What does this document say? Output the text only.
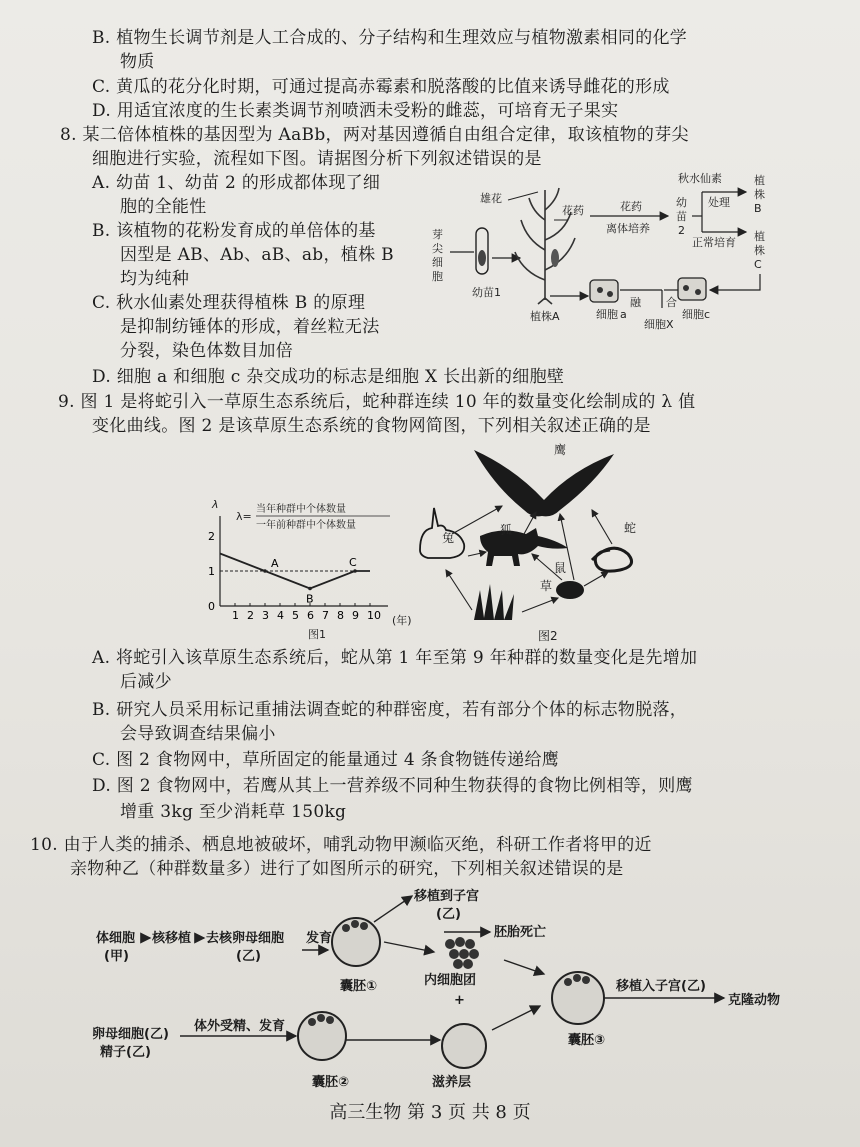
B. 植物生长调节剂是人工合成的、分子结构和生理效应与植物激素相同的化学
物质
C. 黄瓜的花分化时期，可通过提高赤霉素和脱落酸的比值来诱导雌花的形成
D. 用适宜浓度的生长素类调节剂喷洒未受粉的雌蕊，可培育无子果实
8. 某二倍体植株的基因型为 AaBb，两对基因遵循自由组合定律，取该植物的芽尖
细胞进行实验，流程如下图。请据图分析下列叙述错误的是
A. 幼苗 1、幼苗 2 的形成都体现了细
胞的全能性
B. 该植物的花粉发育成的单倍体的基
因型是 AB、Ab、aB、ab，植株 B
均为纯种
C. 秋水仙素处理获得植株 B 的原理
是抑制纺锤体的形成，着丝粒无法
分裂，染色体数目加倍
D. 细胞 a 和细胞 c 杂交成功的标志是细胞 X 长出新的细胞壁
芽
尖
细
胞
幼苗1
雄花
植株A
花药	花药
离体培养
幼
苗
2
秋水仙素
处理
正常培育
植
株
B
植
株
C
细胞 a
融 合
细胞X
细胞c
9. 图 1 是将蛇引入一草原生态系统后，蛇种群连续 10 年的数量变化绘制成的 λ 值
变化曲线。图 2 是该草原生态系统的食物网简图，下列相关叙述正确的是
λ
λ=
当年种群中个体数量
一年前种群中个体数量
(年)
图1
2
1
0
1 2 3 4 5 6 7 8 9 10
A
B
C
鹰
兔
狐	蛇
鼠
草
图2
A. 将蛇引入该草原生态系统后，蛇从第 1 年至第 9 年种群的数量变化是先增加
后减少
B. 研究人员采用标记重捕法调查蛇的种群密度，若有部分个体的标志物脱落，
会导致调查结果偏小
C. 图 2 食物网中，草所固定的能量通过 4 条食物链传递给鹰
D. 图 2 食物网中，若鹰从其上一营养级不同种生物获得的食物比例相等，则鹰
增重 3kg 至少消耗草 150kg
10. 由于人类的捕杀、栖息地被破坏，哺乳动物甲濒临灭绝，科研工作者将甲的近
亲物种乙（种群数量多）进行了如图所示的研究，下列相关叙述错误的是
体细胞
(甲)
核移植 去核卵母细胞
(乙)
发育
移植到子宫
(乙)
胚胎死亡
囊胚①	内细胞团
+
移植入子宫(乙)
克隆动物
囊胚③
卵母细胞(乙)
精子(乙)
体外受精、发育
囊胚②	滋养层
高三生物 第 3 页 共 8 页
